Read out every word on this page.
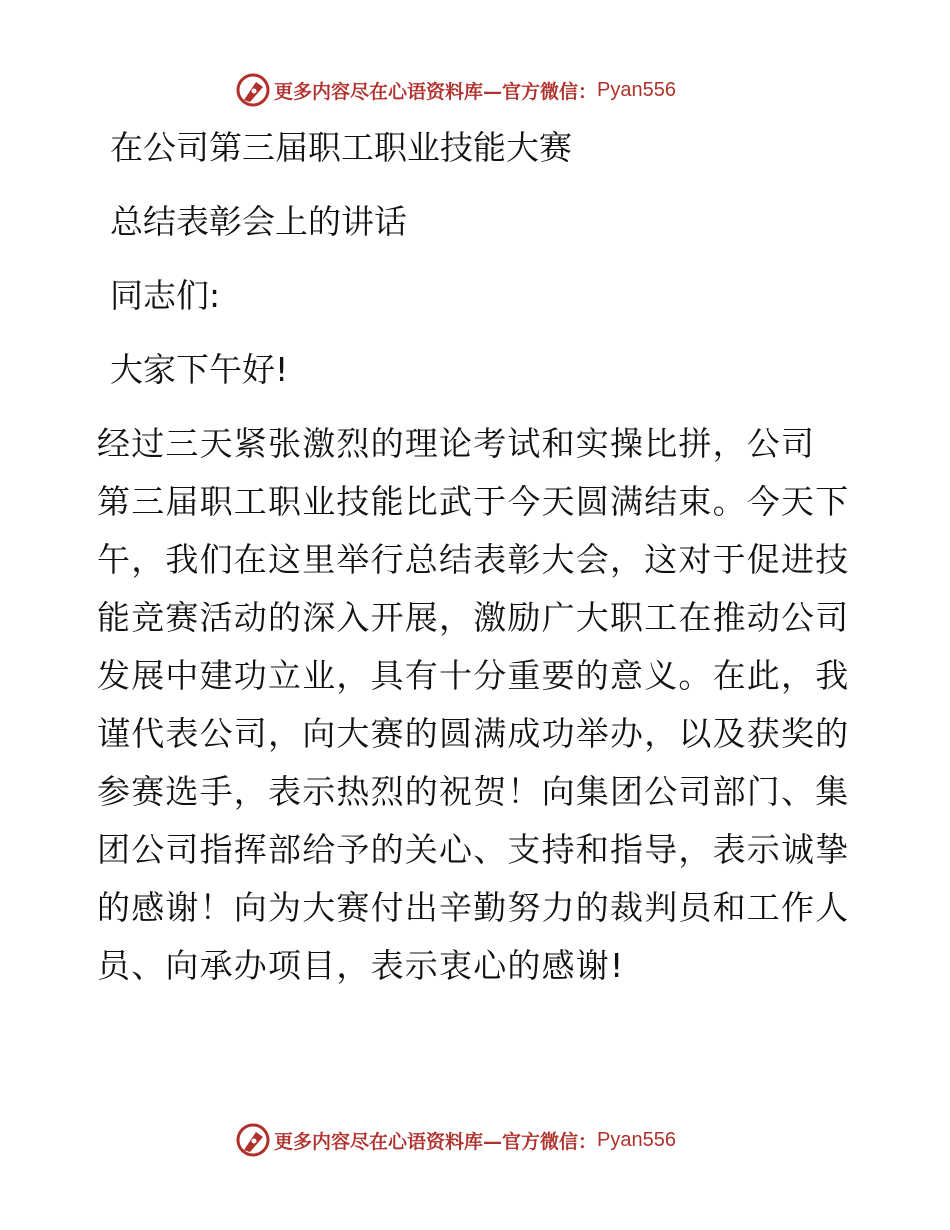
更多内容尽在心语资料库—官方微信： Pyan556
在公司第三届职工职业技能大赛
总结表彰会上的讲话
同志们:
大家下午好!
经过三天紧张激烈的理论考试和实操比拼，公司
第三届职工职业技能比武于今天圆满结束。今天下
午，我们在这里举行总结表彰大会，这对于促进技
能竞赛活动的深入开展，激励广大职工在推动公司
发展中建功立业，具有十分重要的意义。在此，我
谨代表公司，向大赛的圆满成功举办，以及获奖的
参赛选手，表示热烈的祝贺！向集团公司部门、集
团公司指挥部给予的关心、支持和指导，表示诚挚
的感谢！向为大赛付出辛勤努力的裁判员和工作人
员、向承办项目，表示衷心的感谢!
更多内容尽在心语资料库—官方微信： Pyan556
